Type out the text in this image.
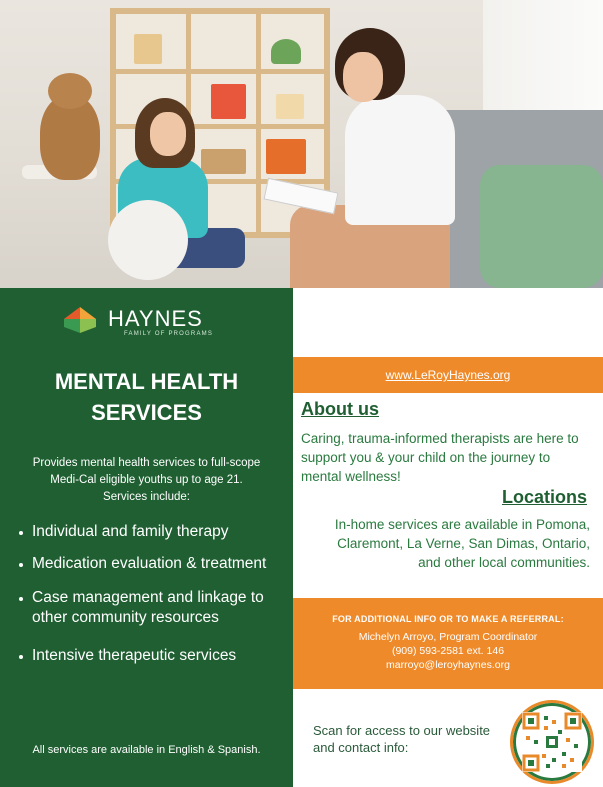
HAYNES
FAMILY OF PROGRAMS
MENTAL HEALTH
SERVICES
Provides mental health services to full-scope
Medi-Cal eligible youths up to age 21.
Services include:
Individual and family therapy
Medication evaluation & treatment
Case management and linkage to other community resources
Intensive therapeutic services
All services are available in English & Spanish.
www.LeRoyHaynes.org
About us
Caring, trauma-informed therapists are here to support you & your child on the journey to mental wellness!
Locations
In-home services are available in Pomona, Claremont, La Verne, San Dimas, Ontario, and other local communities.
FOR ADDITIONAL INFO OR TO MAKE A REFERRAL:
Michelyn Arroyo, Program Coordinator
(909) 593-2581 ext. 146
marroyo@leroyhaynes.org
Scan for access to our website and contact info:
